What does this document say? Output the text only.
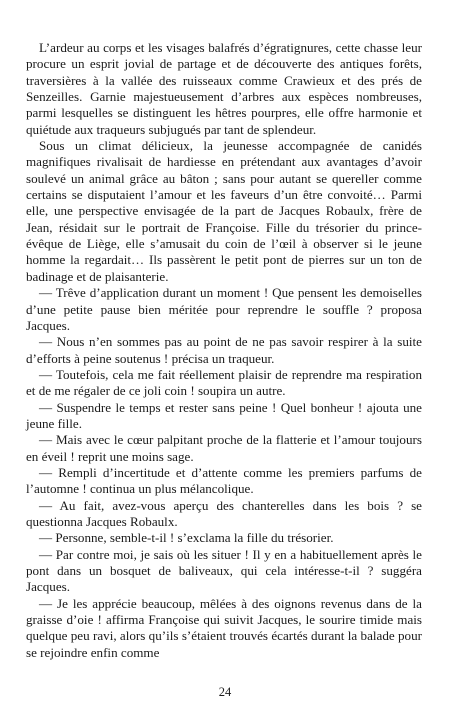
L’ardeur au corps et les visages balafrés d’égratignures, cette chasse leur procure un esprit jovial de partage et de découverte des antiques forêts, traversières à la vallée des ruisseaux comme Crawieux et des prés de Senzeilles. Garnie majestueusement d’arbres aux espèces nombreuses, parmi lesquelles se distinguent les hêtres pourpres, elle offre harmonie et quiétude aux traqueurs subjugués par tant de splendeur.

Sous un climat délicieux, la jeunesse accompagnée de canidés magnifiques rivalisait de hardiesse en prétendant aux avantages d’avoir soulevé un animal grâce au bâton ; sans pour autant se quereller comme certains se disputaient l’amour et les faveurs d’un être convoité… Parmi elle, une perspective envisagée de la part de Jacques Robaulx, frère de Jean, résidait sur le portrait de Françoise. Fille du trésorier du prince-évêque de Liège, elle s’amusait du coin de l’œil à observer si le jeune homme la regardait… Ils passèrent le petit pont de pierres sur un ton de badinage et de plaisanterie.

— Trêve d’application durant un moment ! Que pensent les demoiselles d’une petite pause bien méritée pour reprendre le souffle ? proposa Jacques.

— Nous n’en sommes pas au point de ne pas savoir respirer à la suite d’efforts à peine soutenus ! précisa un traqueur.

— Toutefois, cela me fait réellement plaisir de reprendre ma respiration et de me régaler de ce joli coin ! soupira un autre.

— Suspendre le temps et rester sans peine ! Quel bonheur ! ajouta une jeune fille.

— Mais avec le cœur palpitant proche de la flatterie et l’amour toujours en éveil ! reprit une moins sage.

— Rempli d’incertitude et d’attente comme les premiers parfums de l’automne ! continua un plus mélancolique.

— Au fait, avez-vous aperçu des chanterelles dans les bois ? se questionna Jacques Robaulx.

— Personne, semble-t-il ! s’exclama la fille du trésorier.

— Par contre moi, je sais où les situer ! Il y en a habituellement après le pont dans un bosquet de baliveaux, qui cela intéresse-t-il ? suggéra Jacques.

— Je les apprécie beaucoup, mêlées à des oignons revenus dans de la graisse d’oie ! affirma Françoise qui suivit Jacques, le sourire timide mais quelque peu ravi, alors qu’ils s’étaient trouvés écartés durant la balade pour se rejoindre enfin comme

24
